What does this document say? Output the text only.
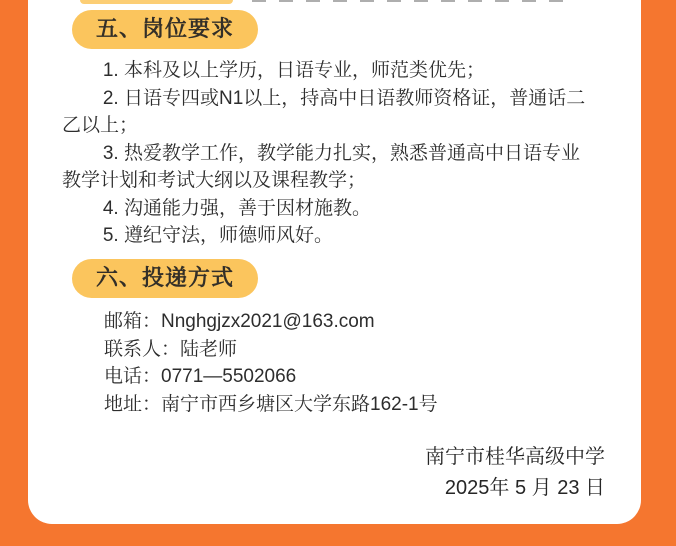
五、岗位要求

1. 本科及以上学历，日语专业，师范类优先；

2. 日语专四或N1以上，持高中日语教师资格证，普通话二乙以上；

3. 热爱教学工作，教学能力扎实，熟悉普通高中日语专业教学计划和考试大纲以及课程教学；

4. 沟通能力强，善于因材施教。

5. 遵纪守法，师德师风好。

六、投递方式

邮箱：Nnghgjzx2021@163.com

联系人：陆老师

电话：0771—5502066

地址：南宁市西乡塘区大学东路162-1号

南宁市桂华高级中学

2025年 5 月 23 日
